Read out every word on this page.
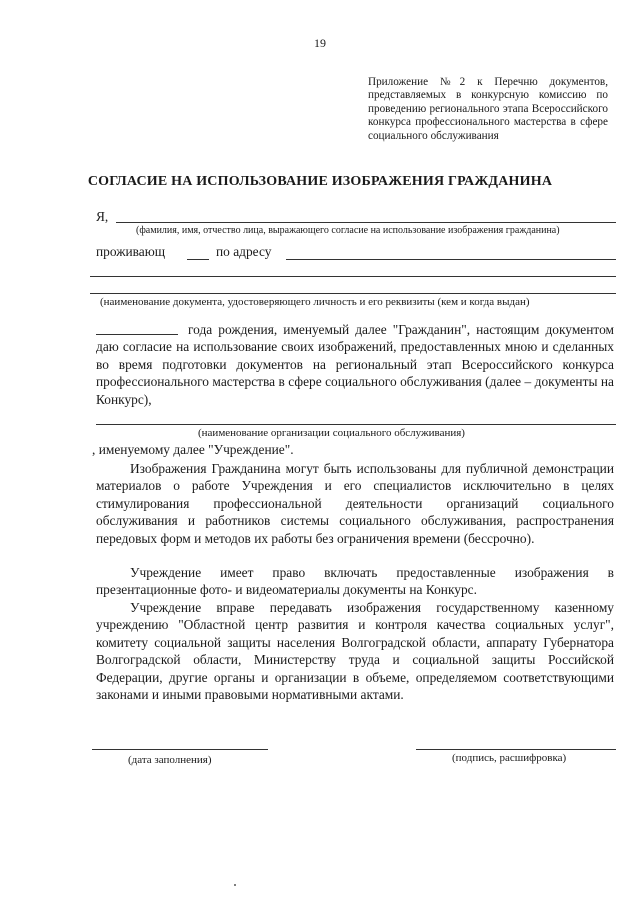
19
Приложение №2 к Перечню документов, представляемых в конкурсную комиссию по проведению регионального этапа Всероссийского конкурса профессионального мастерства в сфере социального обслуживания
СОГЛАСИЕ НА ИСПОЛЬЗОВАНИЕ ИЗОБРАЖЕНИЯ ГРАЖДАНИНА
Я,
(фамилия, имя, отчество лица, выражающего согласие на использование изображения гражданина)
проживающ	по адресу
(наименование документа, удостоверяющего личность и его реквизиты (кем и когда выдан)
года рождения, именуемый далее "Гражданин", настоящим документом даю согласие на использование своих изображений, предоставленных мною и сделанных во время подготовки документов на региональный этап Всероссийского конкурса профессионального мастерства в сфере социального обслуживания (далее – документы на Конкурс),
(наименование организации социального обслуживания)
, именуемому далее "Учреждение".
Изображения Гражданина могут быть использованы для публичной демонстрации материалов о работе Учреждения и его специалистов исключительно в целях стимулирования профессиональной деятельности организаций социального обслуживания и работников системы социального обслуживания, распространения передовых форм и методов их работы без ограничения времени (бессрочно).
Учреждение имеет право включать предоставленные изображения в презентационные фото- и видеоматериалы документы на Конкурс.
Учреждение вправе передавать изображения государственному казенному учреждению "Областной центр развития и контроля качества социальных услуг", комитету социальной защиты населения Волгоградской области, аппарату Губернатора Волгоградской области, Министерству труда и социальной защиты Российской Федерации, другие органы и организации в объеме, определяемом соответствующими законами и иными правовыми нормативными актами.
(дата заполнения)	(подпись, расшифровка)
